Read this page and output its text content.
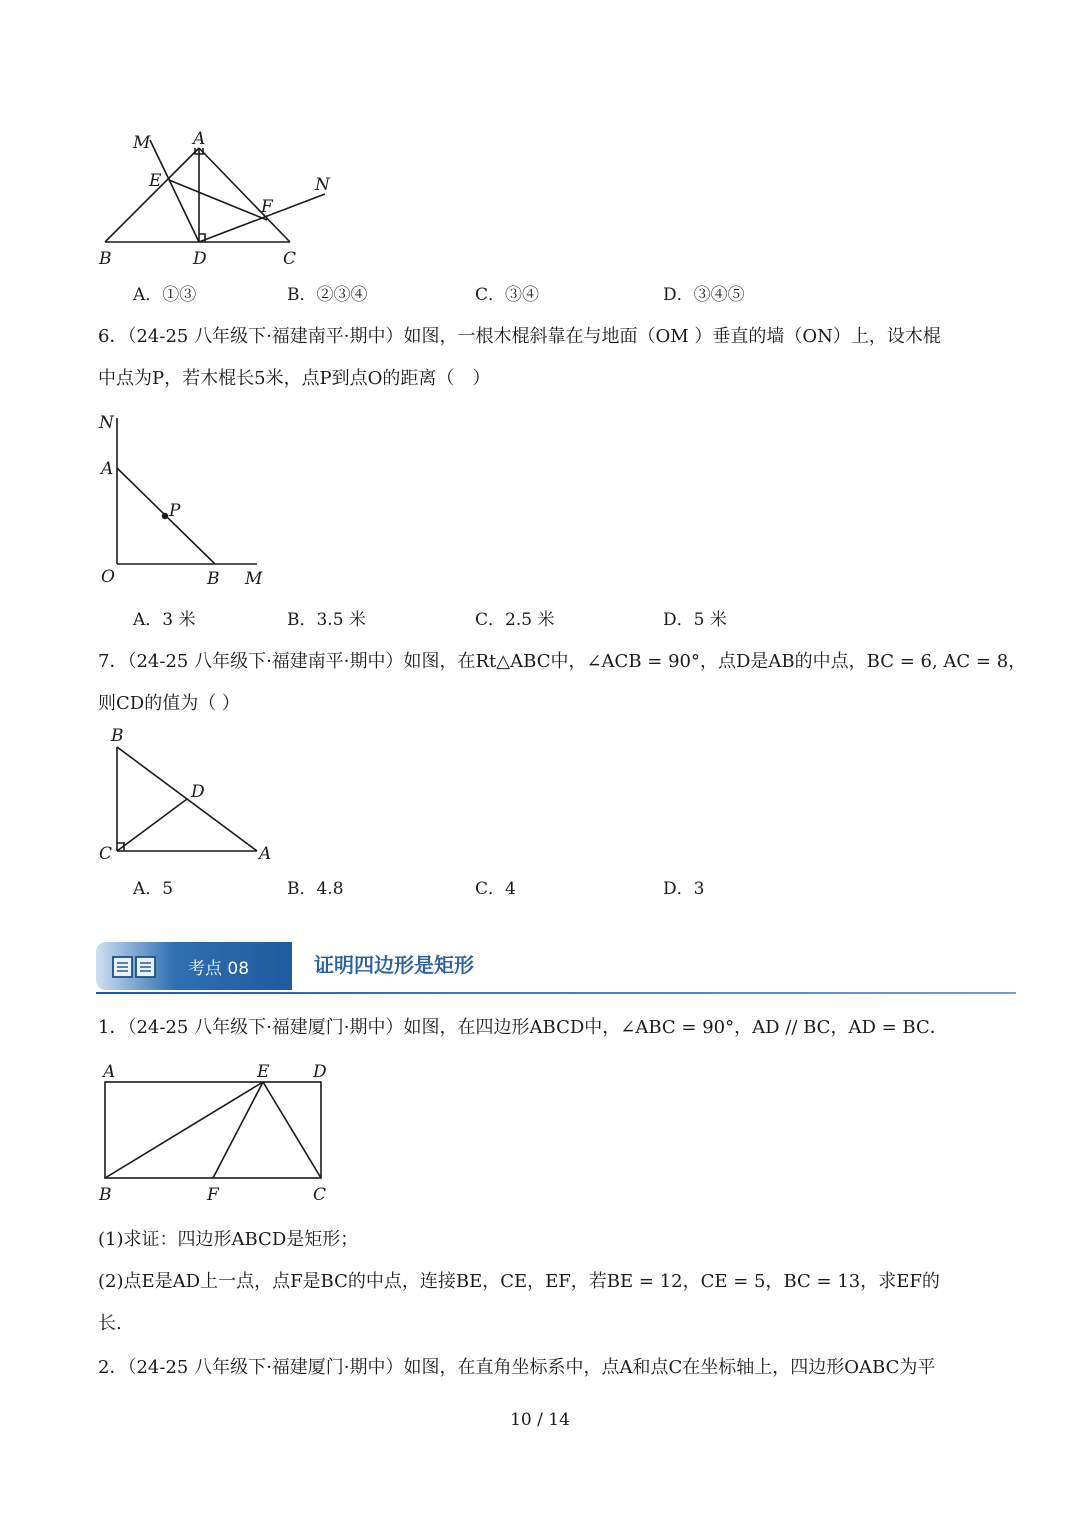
M	A
E
F
N
B	D	C
A．①③	B．②③④	C．③④	D．③④⑤
6．（24-25 八年级下·福建南平·期中）如图，一根木棍斜靠在与地面（OM ）垂直的墙（ON）上，设木棍
中点为P，若木棍长5米，点P到点O的距离（　）
N
A
P
O	B M
A．3 米	B．3.5 米	C．2.5 米	D．5 米
7．（24-25 八年级下·福建南平·期中）如图，在Rt△ABC中，∠ACB = 90°，点D是AB的中点，BC = 6, AC = 8，
则CD的值为（ ）
B
D
C	A
A．5	B．4.8	C．4	D．3
考点 08	证明四边形是矩形
1．（24-25 八年级下·福建厦门·期中）如图，在四边形ABCD中，∠ABC = 90°，AD // BC，AD = BC．
A	E	D
B	F	C
(1)求证：四边形ABCD是矩形；
(2)点E是AD上一点，点F是BC的中点，连接BE，CE，EF，若BE = 12，CE = 5，BC = 13，求EF的
长.
2．（24-25 八年级下·福建厦门·期中）如图，在直角坐标系中，点A和点C在坐标轴上，四边形OABC为平
10 / 14
